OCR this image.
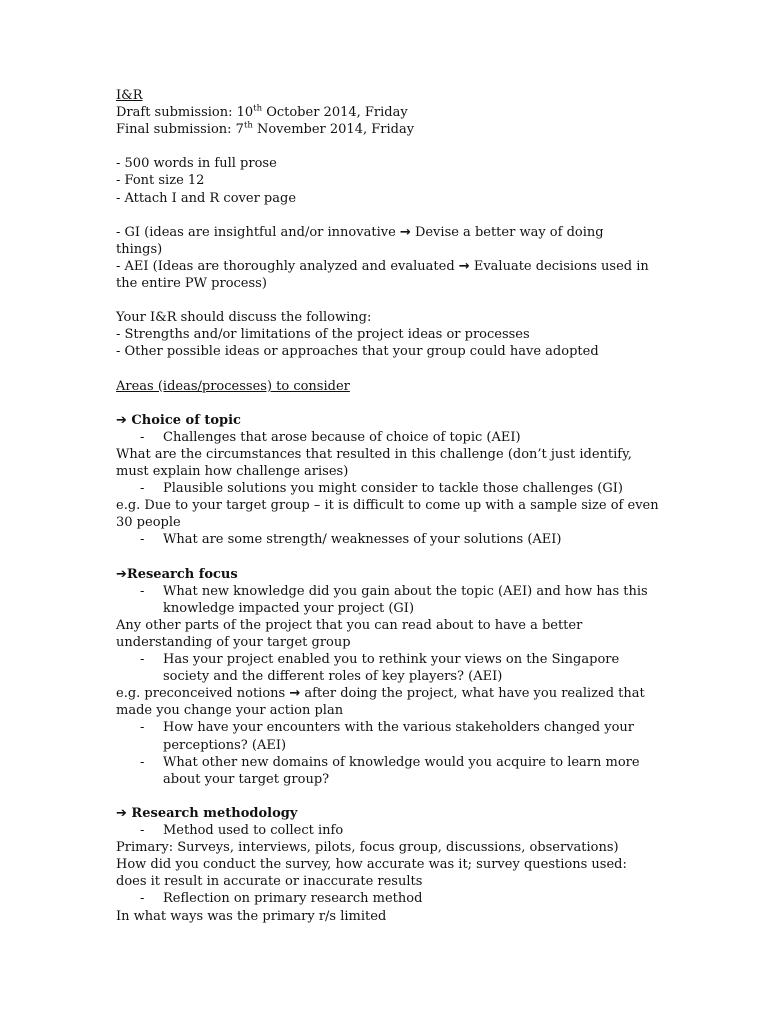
I&R
Draft submission: 10th October 2014, Friday
Final submission: 7th November 2014, Friday
- 500 words in full prose
- Font size 12
- Attach I and R cover page
- GI (ideas are insightful and/or innovative → Devise a better way of doing
things)
- AEI (Ideas are thoroughly analyzed and evaluated → Evaluate decisions used in
the entire PW process)
Your I&R should discuss the following:
- Strengths and/or limitations of the project ideas or processes
- Other possible ideas or approaches that your group could have adopted
Areas (ideas/processes) to consider
➔ Choice of topic
- Challenges that arose because of choice of topic (AEI)
What are the circumstances that resulted in this challenge (don’t just identify,
must explain how challenge arises)
- Plausible solutions you might consider to tackle those challenges (GI)
e.g. Due to your target group – it is difficult to come up with a sample size of even
30 people
- What are some strength/ weaknesses of your solutions (AEI)
➔Research focus
- What new knowledge did you gain about the topic (AEI) and how has this
knowledge impacted your project (GI)
Any other parts of the project that you can read about to have a better
understanding of your target group
- Has your project enabled you to rethink your views on the Singapore
society and the different roles of key players? (AEI)
e.g. preconceived notions → after doing the project, what have you realized that
made you change your action plan
- How have your encounters with the various stakeholders changed your
perceptions? (AEI)
- What other new domains of knowledge would you acquire to learn more
about your target group?
➔ Research methodology
- Method used to collect info
Primary: Surveys, interviews, pilots, focus group, discussions, observations)
How did you conduct the survey, how accurate was it; survey questions used:
does it result in accurate or inaccurate results
- Reflection on primary research method
In what ways was the primary r/s limited
